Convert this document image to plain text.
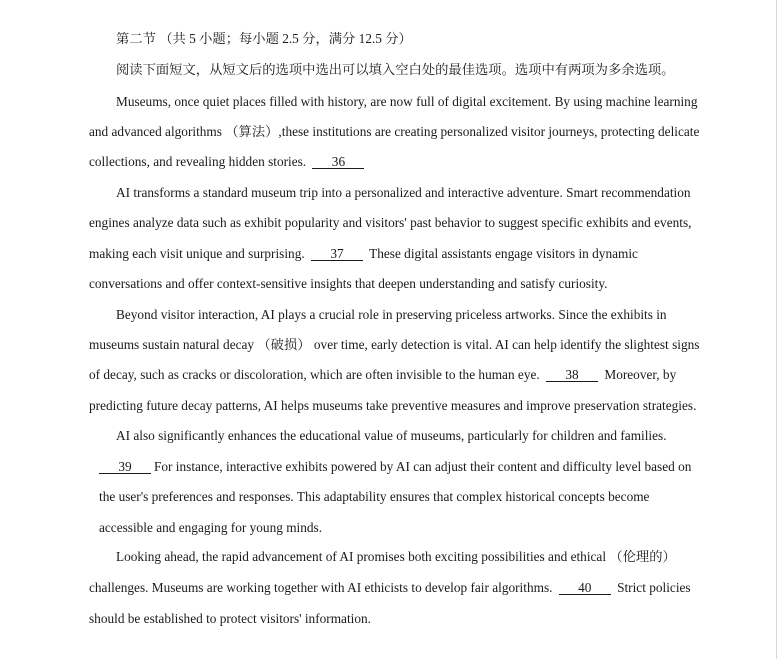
第二节 （共 5 小题；每小题 2.5 分，满分 12.5 分）
阅读下面短文，从短文后的选项中选出可以填入空白处的最佳选项。选项中有两项为多余选项。
Museums, once quiet places filled with history, are now full of digital excitement. By using machine learning
and advanced algorithms （算法）,these institutions are creating personalized visitor journeys, protecting delicate
collections, and revealing hidden stories. 36
AI transforms a standard museum trip into a personalized and interactive adventure. Smart recommendation
engines analyze data such as exhibit popularity and visitors' past behavior to suggest specific exhibits and events,
making each visit unique and surprising. 37 These digital assistants engage visitors in dynamic
conversations and offer context-sensitive insights that deepen understanding and satisfy curiosity.
Beyond visitor interaction, AI plays a crucial role in preserving priceless artworks. Since the exhibits in
museums sustain natural decay （破损） over time, early detection is vital. AI can help identify the slightest signs
of decay, such as cracks or discoloration, which are often invisible to the human eye. 38 Moreover, by
predicting future decay patterns, AI helps museums take preventive measures and improve preservation strategies.
AI also significantly enhances the educational value of museums, particularly for children and families.
39 For instance, interactive exhibits powered by AI can adjust their content and difficulty level based on
the user's preferences and responses. This adaptability ensures that complex historical concepts become
accessible and engaging for young minds.
Looking ahead, the rapid advancement of AI promises both exciting possibilities and ethical （伦理的）
challenges. Museums are working together with AI ethicists to develop fair algorithms. 40 Strict policies
should be established to protect visitors' information.
